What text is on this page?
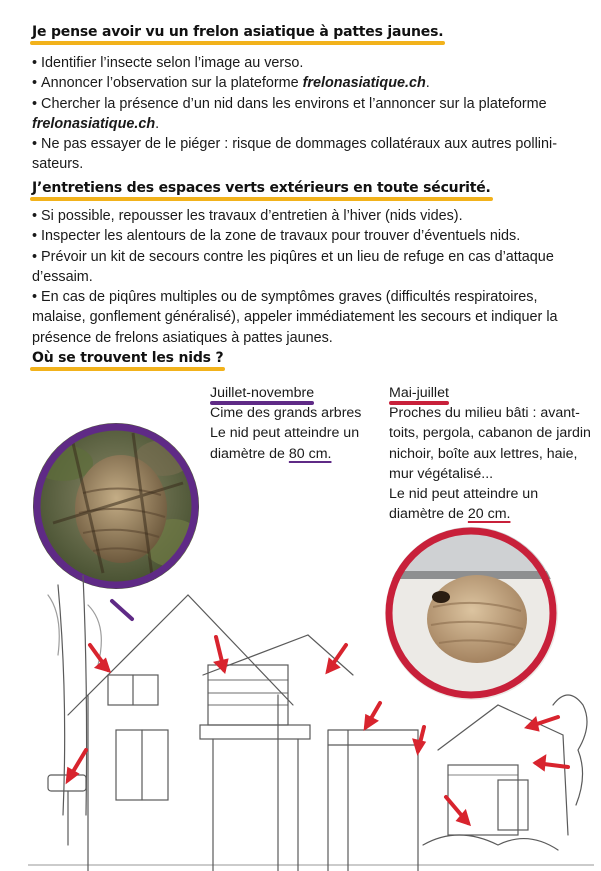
Je pense avoir vu un frelon asiatique à pattes jaunes.
• Identifier l’insecte selon l’image au verso.
• Annoncer l’observation sur la plateforme frelonasiatique.ch.
• Chercher la présence d’un nid dans les environs et l’annoncer sur la plateforme
frelonasiatique.ch.
• Ne pas essayer de le piéger : risque de dommages collatéraux aux autres pollini-sateurs.
J’entretiens des espaces verts extérieurs en toute sécurité.
• Si possible, repousser les travaux d’entretien à l’hiver (nids vides).
• Inspecter les alentours de la zone de travaux pour trouver d’éventuels nids.
• Prévoir un kit de secours contre les piqûres et un lieu de refuge en cas d’attaque d’essaim.
• En cas de piqûres multiples ou de symptômes graves (difficultés respiratoires, malaise, gonflement généralisé), appeler immédiatement les secours et indiquer la présence de frelons asiatiques à pattes jaunes.
Où se trouvent les nids ?
Juillet-novembre
Cime des grands arbres
Le nid peut atteindre un
diamètre de 80 cm.
Mai-juillet
Proches du milieu bâti : avant-
toits, pergola, cabanon de jardin
nichoir, boîte aux lettres, haie,
mur végétalisé...
Le nid peut atteindre un
diamètre de 20 cm.
